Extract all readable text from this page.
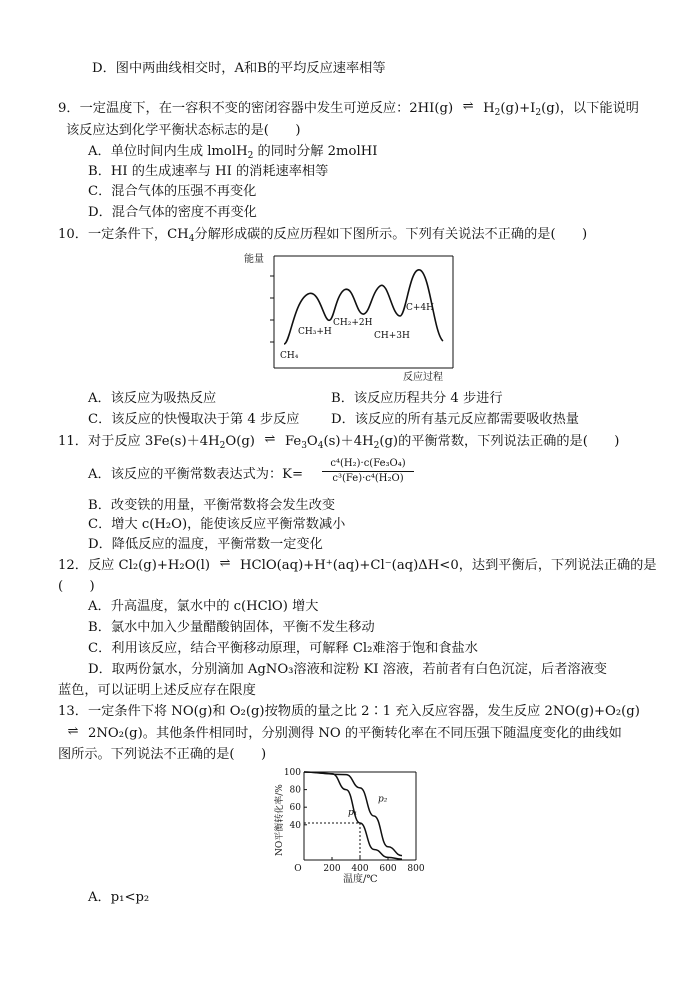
D．图中两曲线相交时，A和B的平均反应速率相等
9．一定温度下，在一容积不变的密闭容器中发生可逆反应：2HI(g) ⇌ $H_2(g)+I_2(g)$，以下能说明
该反应达到化学平衡状态标志的是(　　)
A．单位时间内生成 lmolH$_2$ 的同时分解 2molHI
B．HI 的生成速率与 HI 的消耗速率相等
C．混合气体的压强不再变化
D．混合气体的密度不再变化
10．一定条件下，$CH_4$分解形成碳的反应历程如下图所示。下列有关说法不正确的是(　　)
能量
CH₄
CH₃+H
CH₂+2H
CH+3H
C+4H
反应过程
A．该反应为吸热反应	B．该反应历程共分 4 步进行
C．该反应的快慢取决于第 4 步反应 D．该反应的所有基元反应都需要吸收热量
11．对于反应 $3Fe(s)+4H_2O(g)$ ⇌ $Fe_3O_4(s)+4H_2(g)$的平衡常数，下列说法正确的是(　　)
A．该反应的平衡常数表达式为：K=
c⁴(H₂)·c(Fe₃O₄)
c³(Fe)·c⁴(H₂O)
B．改变铁的用量，平衡常数将会发生改变
C．增大 c(H₂O)，能使该反应平衡常数减小
D．降低反应的温度，平衡常数一定变化
12．反应 Cl₂(g)+H₂O(l) ⇌ HClO(aq)+H⁺(aq)+Cl⁻(aq)ΔH<0，达到平衡后，下列说法正确的是
(　　)
A．升高温度，氯水中的 c(HClO) 增大
B．氯水中加入少量醋酸钠固体，平衡不发生移动
C．利用该反应，结合平衡移动原理，可解释 Cl₂难溶于饱和食盐水
D．取两份氯水，分别滴加 AgNO₃溶液和淀粉 KI 溶液，若前者有白色沉淀，后者溶液变
蓝色，可以证明上述反应存在限度
13．一定条件下将 NO(g)和 O₂(g)按物质的量之比 2∶1 充入反应容器，发生反应 2NO(g)+O₂(g)
⇌ 2NO₂(g)。其他条件相同时，分别测得 NO 的平衡转化率在不同压强下随温度变化的曲线如
图所示。下列说法不正确的是(　　)
NO平衡转化率/% 40
60
80
100
O 200 400 600 800
p₁
p₂
温度/℃
A．p₁<p₂
